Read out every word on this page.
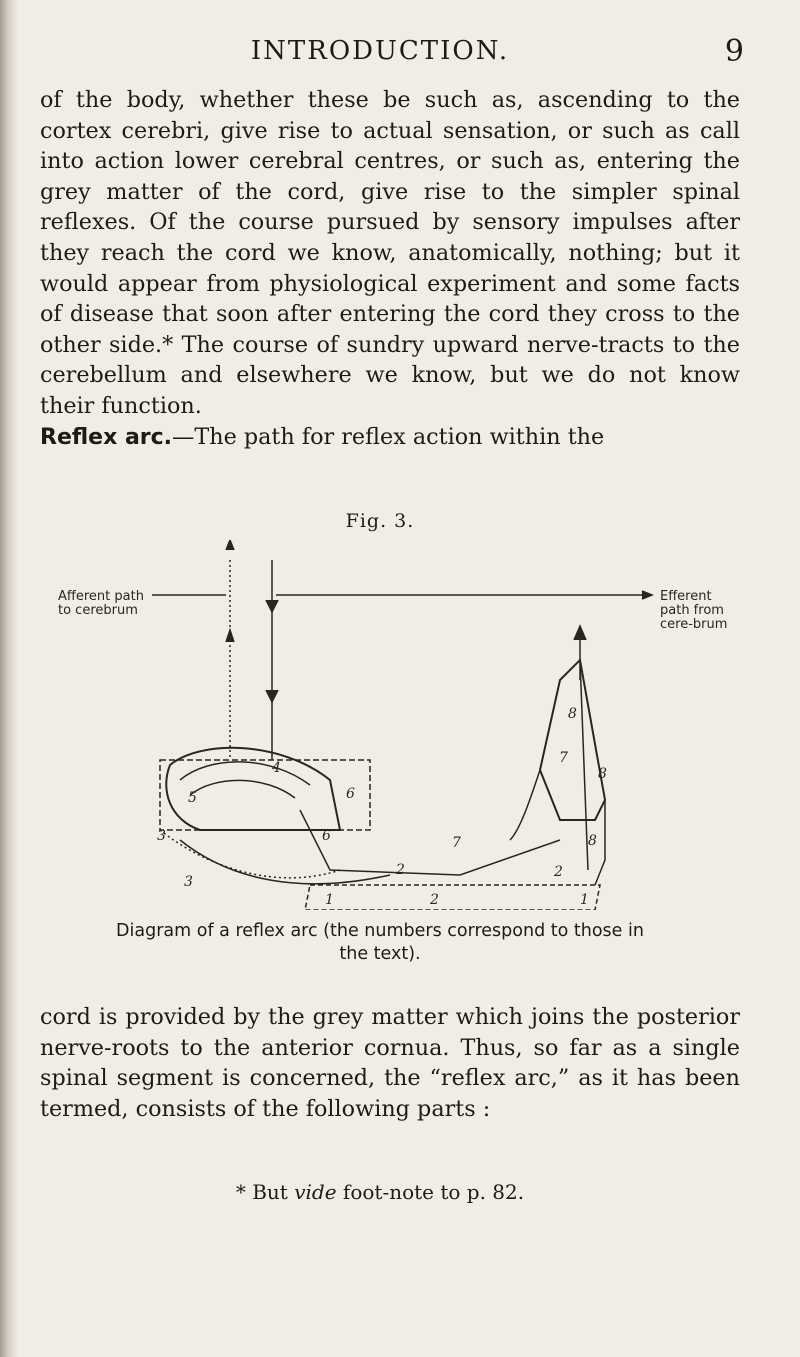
INTRODUCTION.	9

of the body, whether these be such as, ascending to the cortex cerebri, give rise to actual sensation, or such as call into action lower cerebral centres, or such as, entering the grey matter of the cord, give rise to the simpler spinal reflexes. Of the course pursued by sensory impulses after they reach the cord we know, anatomically, nothing; but it would appear from physiological experiment and some facts of disease that soon after entering the cord they cross to the other side.* The course of sundry upward nerve-tracts to the cerebellum and elsewhere we know, but we do not know their function.
Reflex arc.—The path for reflex action within the

Fig. 3.
Afferent path to cerebrum
Efferent path from cere-brum
4
5
3
6
6
3
7
2
8
7
8
8
2
1	2	1
Diagram of a reflex arc (the numbers correspond to those in the text).

cord is provided by the grey matter which joins the posterior nerve-roots to the anterior cornua. Thus, so far as a single spinal segment is concerned, the “reflex arc,” as it has been termed, consists of the following parts :

* But vide foot-note to p. 82.
